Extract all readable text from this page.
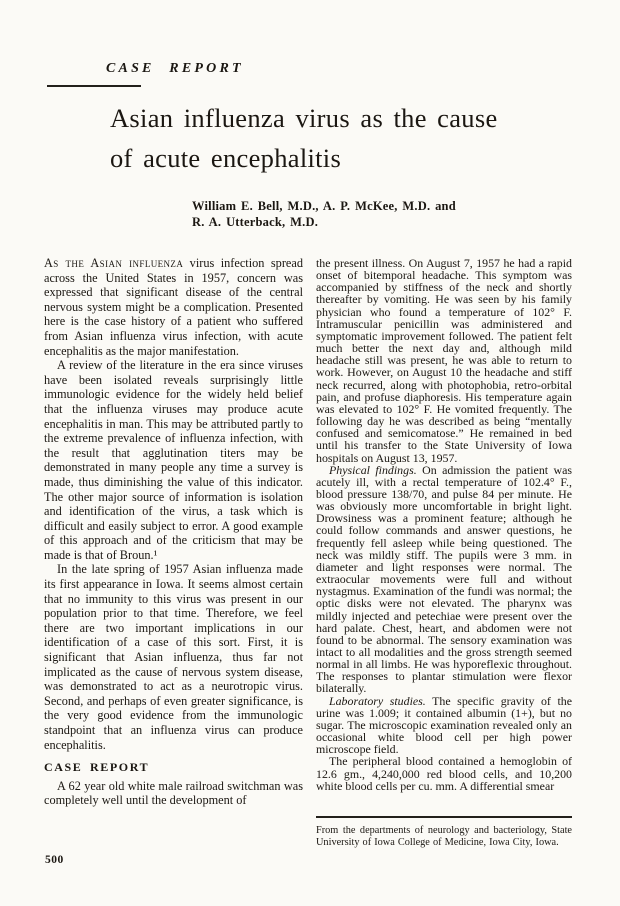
CASE REPORT
Asian influenza virus as the cause
of acute encephalitis
William E. Bell, M.D., A. P. McKee, M.D. and
R. A. Utterback, M.D.

As the Asian influenza virus infection spread across the United States in 1957, concern was expressed that significant disease of the central nervous system might be a complication. Presented here is the case history of a patient who suffered from Asian influenza virus infection, with acute encephalitis as the major manifestation.

A review of the literature in the era since viruses have been isolated reveals surprisingly little immunologic evidence for the widely held belief that the influenza viruses may produce acute encephalitis in man. This may be attributed partly to the extreme prevalence of influenza infection, with the result that agglutination titers may be demonstrated in many people any time a survey is made, thus diminishing the value of this indicator. The other major source of information is isolation and identification of the virus, a task which is difficult and easily subject to error. A good example of this approach and of the criticism that may be made is that of Broun.¹

In the late spring of 1957 Asian influenza made its first appearance in Iowa. It seems almost certain that no immunity to this virus was present in our population prior to that time. Therefore, we feel there are two important implications in our identification of a case of this sort. First, it is significant that Asian influenza, thus far not implicated as the cause of nervous system disease, was demonstrated to act as a neurotropic virus. Second, and perhaps of even greater significance, is the very good evidence from the immunologic standpoint that an influenza virus can produce encephalitis.

CASE REPORT

A 62 year old white male railroad switchman was completely well until the development of

the present illness. On August 7, 1957 he had a rapid onset of bitemporal headache. This symptom was accompanied by stiffness of the neck and shortly thereafter by vomiting. He was seen by his family physician who found a temperature of 102° F. Intramuscular penicillin was administered and symptomatic improvement followed. The patient felt much better the next day and, although mild headache still was present, he was able to return to work. However, on August 10 the headache and stiff neck recurred, along with photophobia, retro-orbital pain, and profuse diaphoresis. His temperature again was elevated to 102° F. He vomited frequently. The following day he was described as being “mentally confused and semicomatose.” He remained in bed until his transfer to the State University of Iowa hospitals on August 13, 1957.

Physical findings. On admission the patient was acutely ill, with a rectal temperature of 102.4° F., blood pressure 138/70, and pulse 84 per minute. He was obviously more uncomfortable in bright light. Drowsiness was a prominent feature; although he could follow commands and answer questions, he frequently fell asleep while being questioned. The neck was mildly stiff. The pupils were 3 mm. in diameter and light responses were normal. The extraocular movements were full and without nystagmus. Examination of the fundi was normal; the optic disks were not elevated. The pharynx was mildly injected and petechiae were present over the hard palate. Chest, heart, and abdomen were not found to be abnormal. The sensory examination was intact to all modalities and the gross strength seemed normal in all limbs. He was hyporeflexic throughout. The responses to plantar stimulation were flexor bilaterally.

Laboratory studies. The specific gravity of the urine was 1.009; it contained albumin (1+), but no sugar. The microscopic examination revealed only an occasional white blood cell per high power microscope field.

The peripheral blood contained a hemoglobin of 12.6 gm., 4,240,000 red blood cells, and 10,200 white blood cells per cu. mm. A differential smear

From the departments of neurology and bacteriology, State University of Iowa College of Medicine, Iowa City, Iowa.

500
